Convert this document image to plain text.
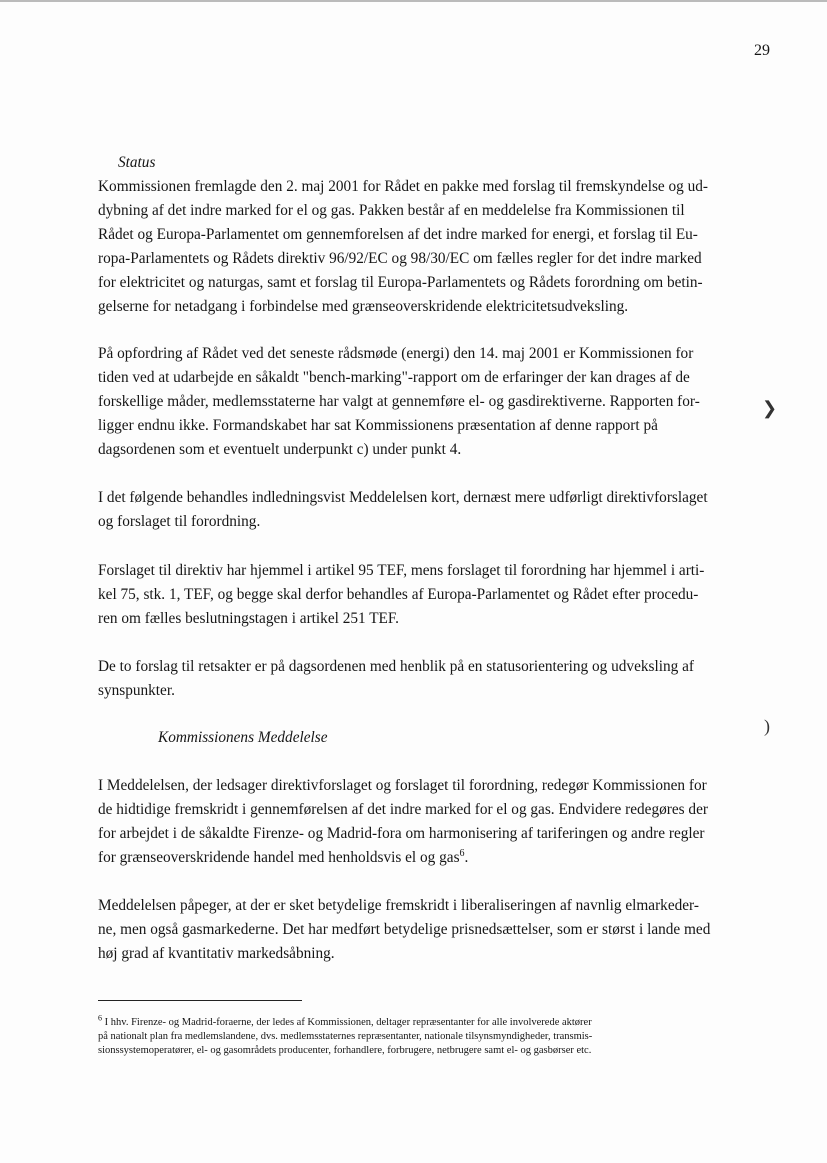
29
❯
)
Status
Kommissionen fremlagde den 2. maj 2001 for Rådet en pakke med forslag til fremskyndelse og ud-
dybning af det indre marked for el og gas. Pakken består af en meddelelse fra Kommissionen til
Rådet og Europa-Parlamentet om gennemforelsen af det indre marked for energi, et forslag til Eu-
ropa-Parlamentets og Rådets direktiv 96/92/EC og 98/30/EC om fælles regler for det indre marked
for elektricitet og naturgas, samt et forslag til Europa-Parlamentets og Rådets forordning om betin-
gelserne for netadgang i forbindelse med grænseoverskridende elektricitetsudveksling.
På opfordring af Rådet ved det seneste rådsmøde (energi) den 14. maj 2001 er Kommissionen for
tiden ved at udarbejde en såkaldt "bench-marking"-rapport om de erfaringer der kan drages af de
forskellige måder, medlemsstaterne har valgt at gennemføre el- og gasdirektiverne. Rapporten for-
ligger endnu ikke. Formandskabet har sat Kommissionens præsentation af denne rapport på
dagsordenen som et eventuelt underpunkt c) under punkt 4.
I det følgende behandles indledningsvist Meddelelsen kort, dernæst mere udførligt direktivforslaget
og forslaget til forordning.
Forslaget til direktiv har hjemmel i artikel 95 TEF, mens forslaget til forordning har hjemmel i arti-
kel 75, stk. 1, TEF, og begge skal derfor behandles af Europa-Parlamentet og Rådet efter procedu-
ren om fælles beslutningstagen i artikel 251 TEF.
De to forslag til retsakter er på dagsordenen med henblik på en statusorientering og udveksling af
synspunkter.
Kommissionens Meddelelse
I Meddelelsen, der ledsager direktivforslaget og forslaget til forordning, redegør Kommissionen for
de hidtidige fremskridt i gennemførelsen af det indre marked for el og gas. Endvidere redegøres der
for arbejdet i de såkaldte Firenze- og Madrid-fora om harmonisering af tariferingen og andre regler
for grænseoverskridende handel med henholdsvis el og gas$^6$.
Meddelelsen påpeger, at der er sket betydelige fremskridt i liberaliseringen af navnlig elmarkeder-
ne, men også gasmarkederne. Det har medført betydelige prisnedsættelser, som er størst i lande med
høj grad af kvantitativ markedsåbning.
$^6$ I hhv. Firenze- og Madrid-foraerne, der ledes af Kommissionen, deltager repræsentanter for alle involverede aktører
på nationalt plan fra medlemslandene, dvs. medlemsstaternes repræsentanter, nationale tilsynsmyndigheder, transmis-
sionssystemoperatører, el- og gasområdets producenter, forhandlere, forbrugere, netbrugere samt el- og gasbørser etc.
